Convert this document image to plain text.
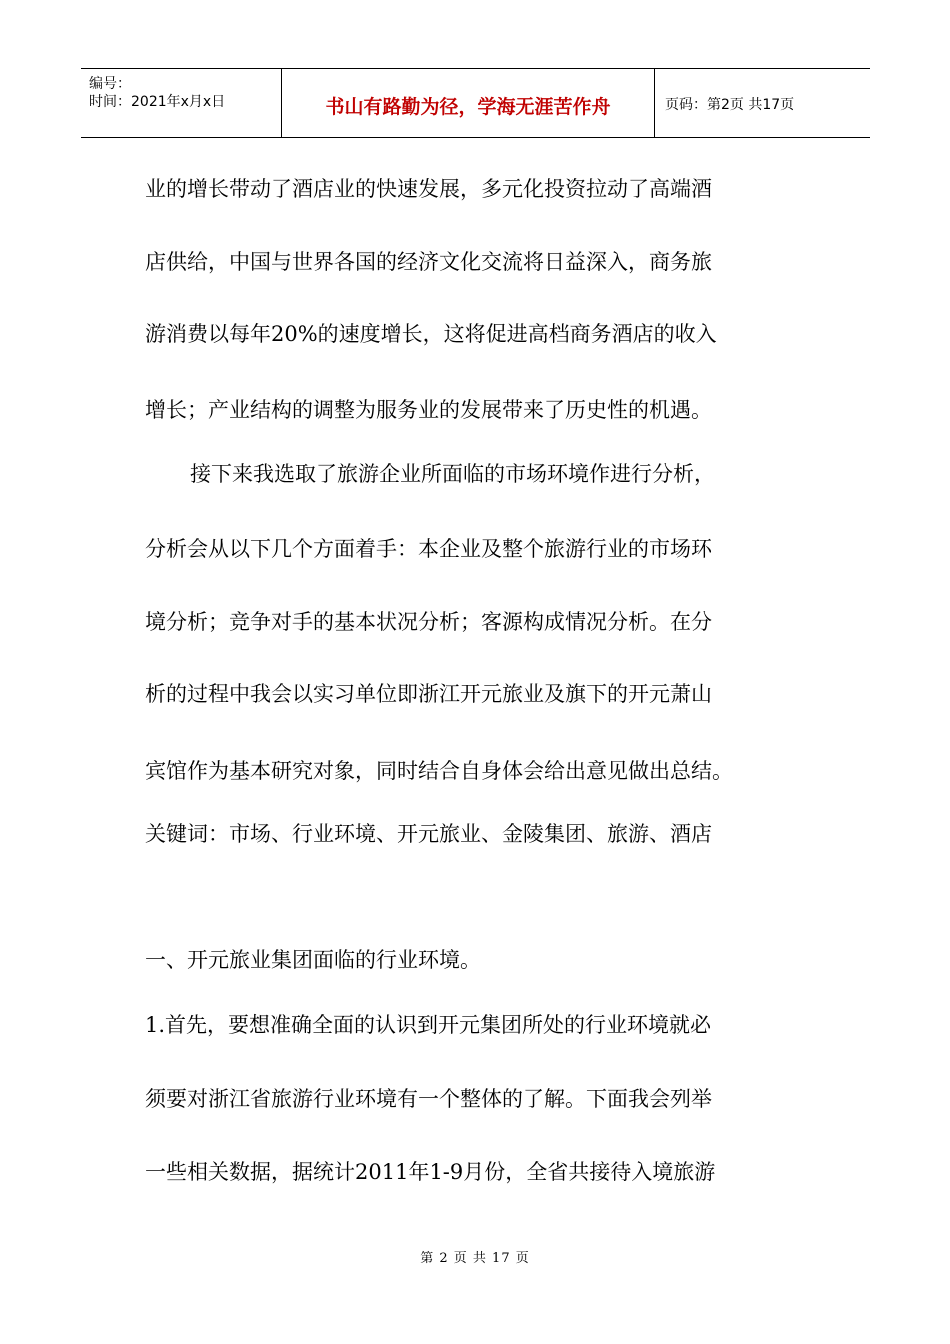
编号：
时间：2021年x月x日	书山有路勤为径，学海无涯苦作舟	页码：第2页 共17页
业的增长带动了酒店业的快速发展，多元化投资拉动了高端酒
店供给，中国与世界各国的经济文化交流将日益深入，商务旅
游消费以每年20%的速度增长，这将促进高档商务酒店的收入
增长；产业结构的调整为服务业的发展带来了历史性的机遇。
接下来我选取了旅游企业所面临的市场环境作进行分析，
分析会从以下几个方面着手：本企业及整个旅游行业的市场环
境分析；竞争对手的基本状况分析；客源构成情况分析。在分
析的过程中我会以实习单位即浙江开元旅业及旗下的开元萧山
宾馆作为基本研究对象，同时结合自身体会给出意见做出总结。
关键词：市场、行业环境、开元旅业、金陵集团、旅游、酒店
一、开元旅业集团面临的行业环境。
1.首先，要想准确全面的认识到开元集团所处的行业环境就必
须要对浙江省旅游行业环境有一个整体的了解。下面我会列举
一些相关数据，据统计2011年1-9月份，全省共接待入境旅游
第 2 页 共 17 页
